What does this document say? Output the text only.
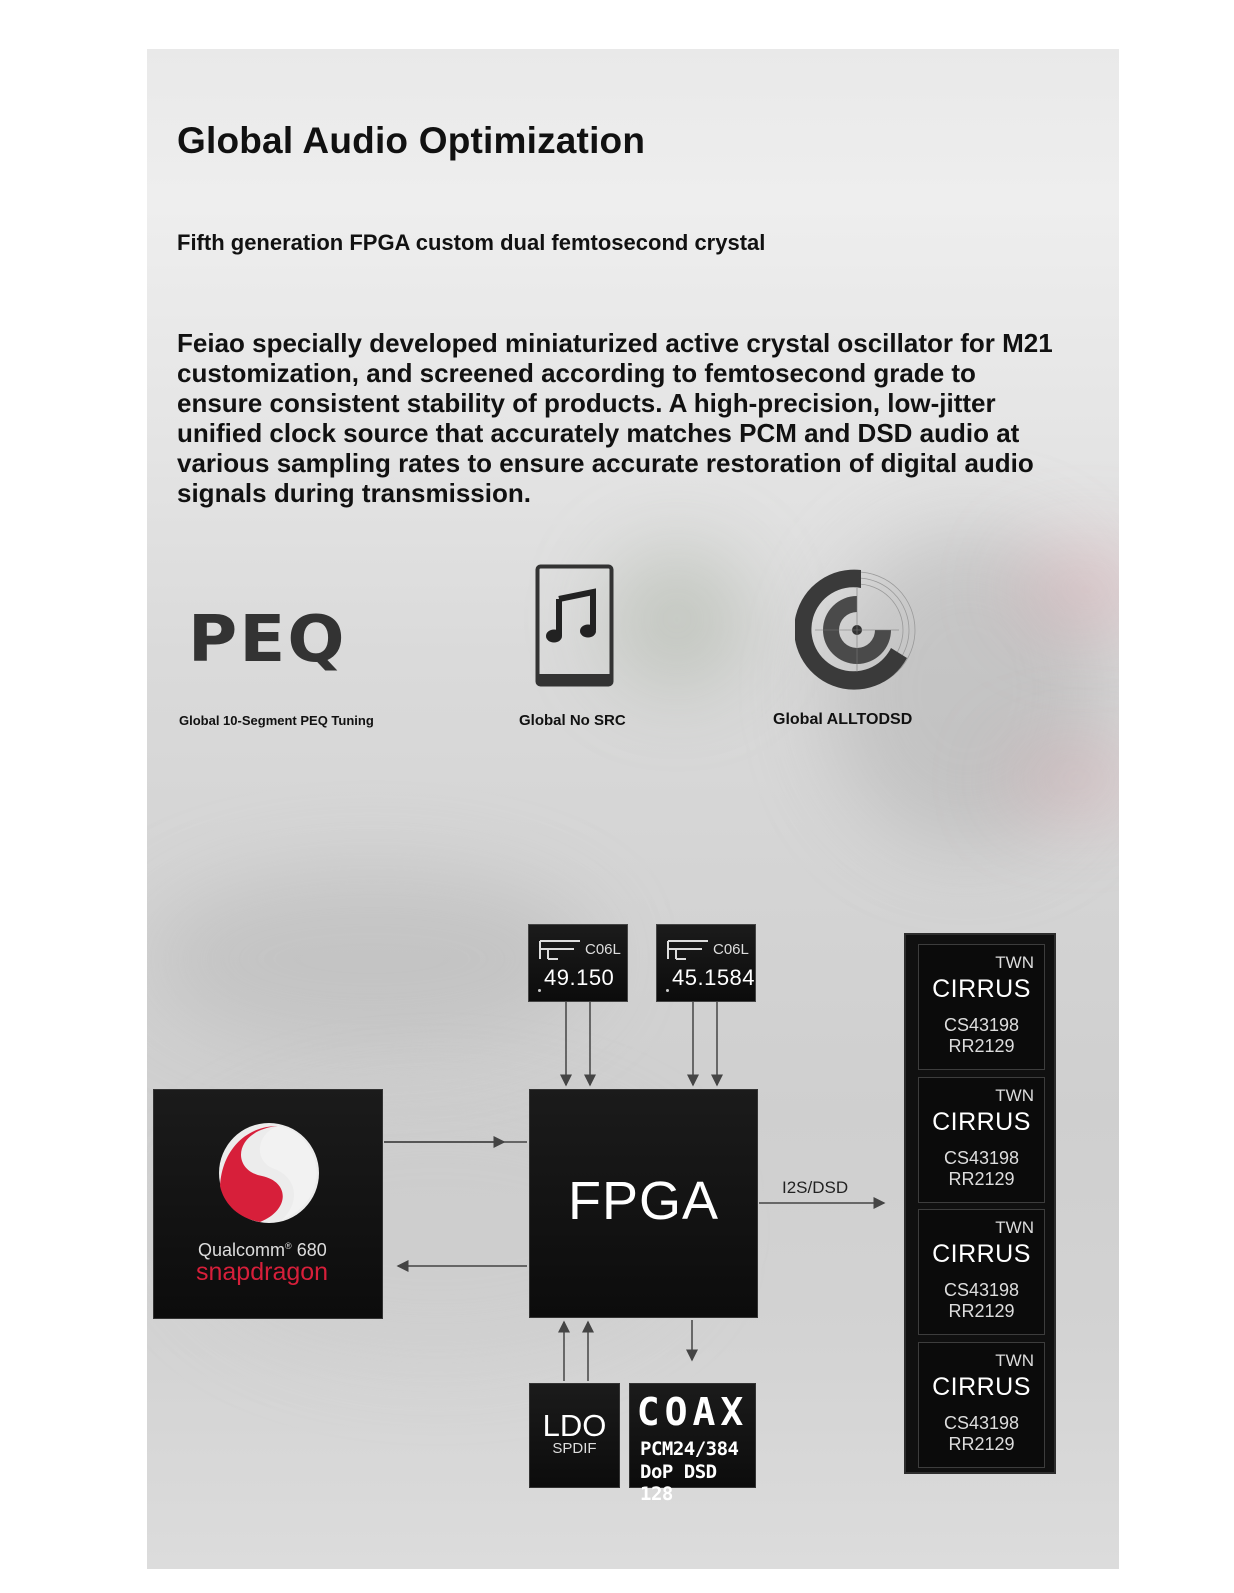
Global Audio Optimization
Fifth generation FPGA custom dual femtosecond crystal

Feiao specially developed miniaturized active crystal oscillator for M21 customization, and screened according to femtosecond grade to ensure consistent stability of products. A high-precision, low-jitter unified clock source that accurately matches PCM and DSD audio at various sampling rates to ensure accurate restoration of digital audio signals during transmission.

PEQ
Global 10-Segment PEQ Tuning	Global No SRC	Global ALLTODSD
C06L
49.150
C06L
45.1584
Qualcomm® 680
snapdragon
FPGA	I2S/DSD
LDO
SPDIF
COAX
PCM24/384
DoP DSD 128
TWN
CIRRUS
CS43198
RR2129
TWN
CIRRUS
CS43198
RR2129
TWN
CIRRUS
CS43198
RR2129
TWN
CIRRUS
CS43198
RR2129
